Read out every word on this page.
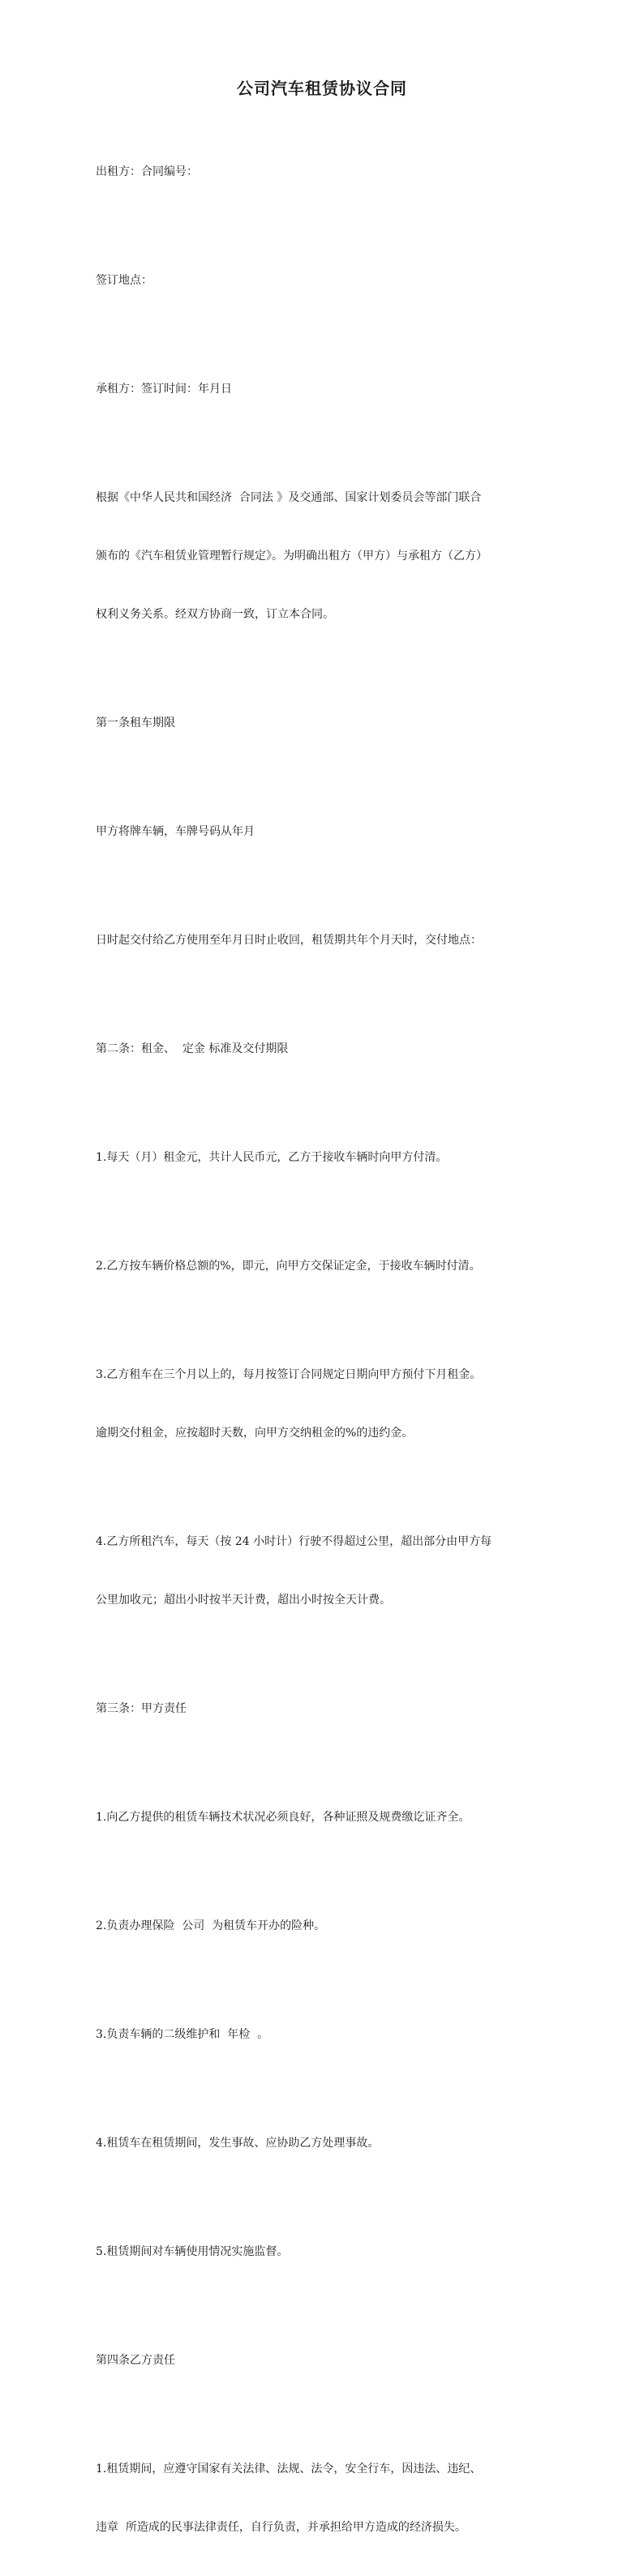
公司汽车租赁协议合同

出租方：合同编号：

签订地点：

承租方：签订时间：年月日

根据《中华人民共和国经济  合同法 》及交通部、国家计划委员会等部门联合

颁布的《汽车租赁业管理暂行规定》。为明确出租方（甲方）与承租方（乙方）

权利义务关系。经双方协商一致，订立本合同。

第一条租车期限

甲方将牌车辆，车牌号码从年月

日时起交付给乙方使用至年月日时止收回，租赁期共年个月天时，交付地点：

第二条：租金、  定金 标准及交付期限

1.每天（月）租金元，共计人民币元，乙方于接收车辆时向甲方付清。

2.乙方按车辆价格总额的%，即元，向甲方交保证定金，于接收车辆时付清。

3.乙方租车在三个月以上的，每月按签订合同规定日期向甲方预付下月租金。

逾期交付租金，应按超时天数，向甲方交纳租金的%的违约金。

4.乙方所租汽车，每天（按 24 小时计）行驶不得超过公里，超出部分由甲方每

公里加收元；超出小时按半天计费，超出小时按全天计费。

第三条：甲方责任

1.向乙方提供的租赁车辆技术状况必须良好，各种证照及规费缴讫证齐全。

2.负责办理保险  公司  为租赁车开办的险种。

3.负责车辆的二级维护和  年检  。

4.租赁车在租赁期间，发生事故、应协助乙方处理事故。

5.租赁期间对车辆使用情况实施监督。

第四条乙方责任

1.租赁期间，应遵守国家有关法律、法规、法令，安全行车，因违法、违纪、

违章  所造成的民事法律责任，自行负责，并承担给甲方造成的经济损失。
